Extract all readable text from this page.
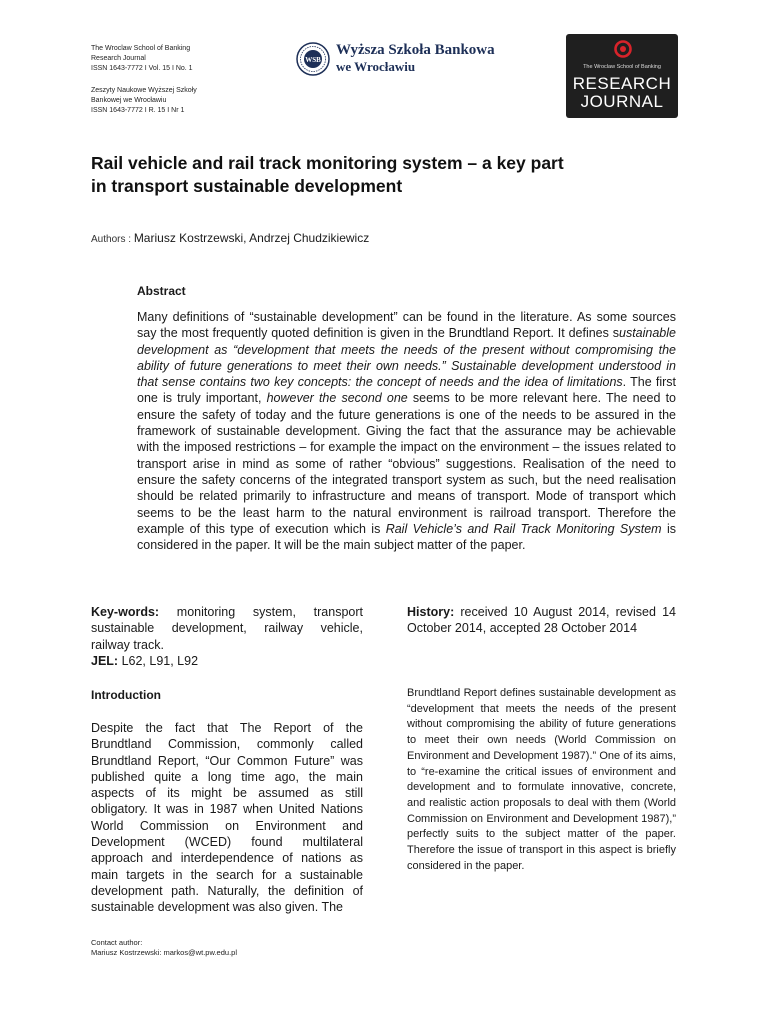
The Wroclaw School of Banking
Research Journal
ISSN 1643-7772 I Vol. 15 I No. 1
Zeszyty Naukowe Wyższej Szkoły
Bankowej we Wrocławiu
ISSN 1643-7772 I R. 15 I Nr 1
WSB
Wyższa Szkoła Bankowa
we Wrocławiu	The Wroclaw School of Banking
RESEARCH
JOURNAL
Rail vehicle and rail track monitoring system – a key part
in transport sustainable development
Authors : Mariusz Kostrzewski, Andrzej Chudzikiewicz
Abstract
Many definitions of “sustainable development” can be found in the literature. As some sources say the most frequently quoted definition is given in the Brundtland Report. It defines sustainable development as “development that meets the needs of the present without compromising the ability of future generations to meet their own needs.” Sustainable development understood in that sense contains two key concepts: the concept of needs and the idea of limitations. The first one is truly important, however the second one seems to be more relevant here. The need to ensure the safety of today and the future generations is one of the needs to be assured in the framework of sustainable development. Giving the fact that the assurance may be achievable with the imposed restrictions – for example the impact on the environment – the issues related to transport arise in mind as some of rather “obvious” suggestions. Realisation of the need to ensure the safety concerns of the integrated transport system as such, but the need realisation should be related primarily to infrastructure and means of transport. Mode of transport which seems to be the least harm to the natural environment is railroad transport. Therefore the example of this type of execution which is Rail Vehicle’s and Rail Track Monitoring System is considered in the paper. It will be the main subject matter of the paper.
Key-words: monitoring system, transport sustainable development, railway vehicle, railway track.
JEL: L62, L91, L92
History: received 10 August 2014, revised 14 October 2014, accepted 28 October 2014
Introduction
Despite the fact that The Report of the Brundtland Commission, commonly called Brundtland Report, “Our Common Future” was published quite a long time ago, the main aspects of its might be assumed as still obligatory. It was in 1987 when United Nations World Commission on Environment and Development (WCED) found multilateral approach and interdependence of nations as main targets in the search for a sustainable development path. Naturally, the definition of sustainable development was also given. The
Brundtland Report defines sustainable development as “development that meets the needs of the present without compromising the ability of future generations to meet their own needs (World Commission on Environment and Development 1987).” One of its aims, to “re-examine the critical issues of environment and development and to formulate innovative, concrete, and realistic action proposals to deal with them (World Commission on Environment and Development 1987),” perfectly suits to the subject matter of the paper. Therefore the issue of transport in this aspect is briefly considered in the paper.
Contact author:
Mariusz Kostrzewski: markos@wt.pw.edu.pl
